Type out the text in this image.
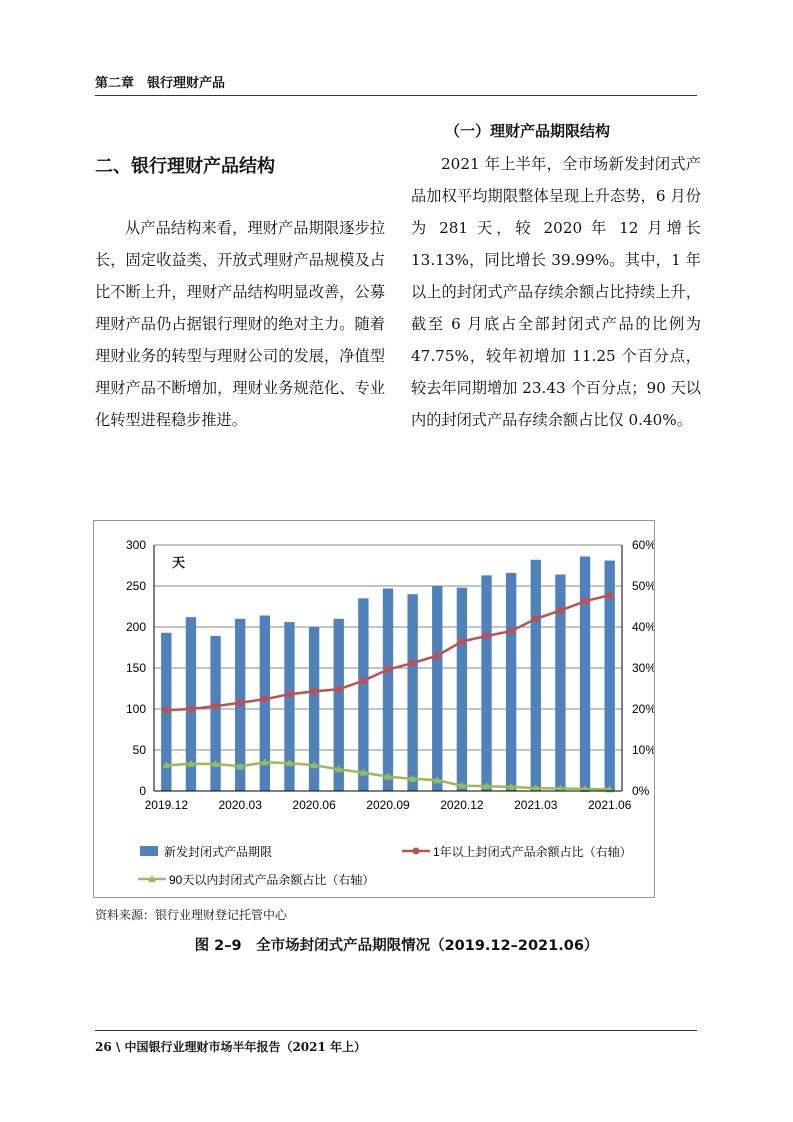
第二章　银行理财产品
二、银行理财产品结构
（一）理财产品期限结构
从产品结构来看，理财产品期限逐步拉长，固定收益类、开放式理财产品规模及占比不断上升，理财产品结构明显改善，公募理财产品仍占据银行理财的绝对主力。随着理财业务的转型与理财公司的发展，净值型理财产品不断增加，理财业务规范化、专业化转型进程稳步推进。
2021 年上半年，全市场新发封闭式产品加权平均期限整体呈现上升态势，6 月份为 281 天，较 2020 年 12 月增长 13.13%，同比增长 39.99%。其中，1 年以上的封闭式产品存续余额占比持续上升，截至 6 月底占全部封闭式产品的比例为 47.75%，较年初增加 11.25 个百分点，较去年同期增加 23.43 个百分点；90 天以内的封闭式产品存续余额占比仅 0.40%。
0
50
100
150
200
250
300
0%
10%
20%
30%
40%
50%
60%
2019.12	2020.03	2020.06	2020.09	2020.12	2021.03	2021.06
天
新发封闭式产品期限	1年以上封闭式产品余额占比（右轴）
90天以内封闭式产品余额占比（右轴）
资料来源：银行业理财登记托管中心
图 2–9　全市场封闭式产品期限情况（2019.12–2021.06）
26 \ 中国银行业理财市场半年报告（2021 年上）
